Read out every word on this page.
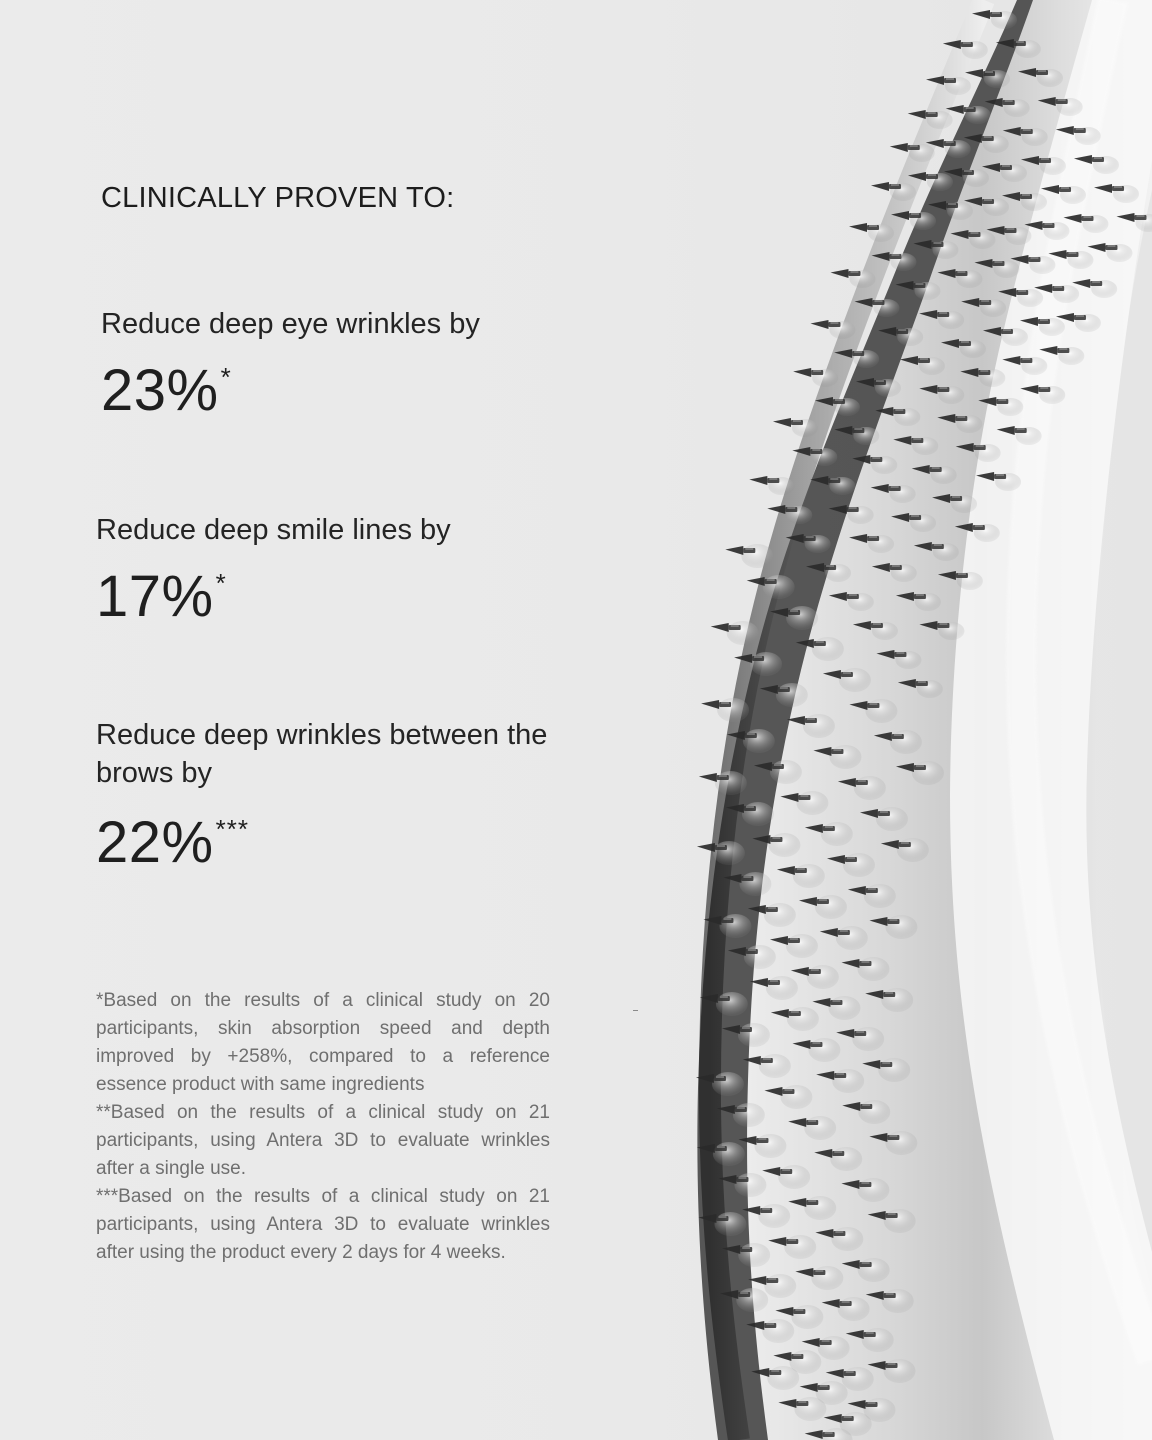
CLINICALLY PROVEN TO:

Reduce deep eye wrinkles by

23%*

Reduce deep smile lines by

17%*

Reduce deep wrinkles between the brows by

22%***

*Based on the results of a clinical study on 20 participants, skin absorption speed and depth improved by +258%, compared to a reference essence product with same ingredients
**Based on the results of a clinical study on 21 participants, using Antera 3D to evaluate wrinkles after a single use.
***Based on the results of a clinical study on 21 participants, using Antera 3D to evaluate wrinkles after using the product every 2 days for 4 weeks.
